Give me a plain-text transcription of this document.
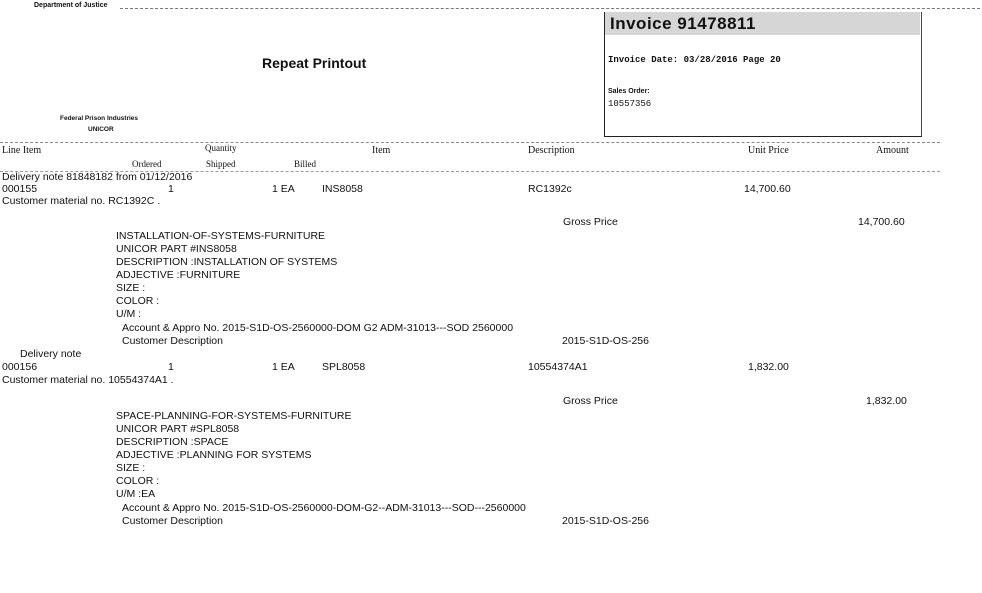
Department of Justice
Repeat Printout
Federal Prison Industries
UNICOR
Invoice 91478811
Invoice Date: 03/28/2016 Page 20
Sales Order:
10557356
Line Item	Quantity
Ordered	Shipped	Billed
Item	Description	Unit Price	Amount
Delivery note 81848182 from 01/12/2016
000155	1	1 EA	INS8058	RC1392c	14,700.60
Customer material no. RC1392C .
Gross Price	14,700.60
INSTALLATION-OF-SYSTEMS-FURNITURE
UNICOR PART #INS8058
DESCRIPTION :INSTALLATION OF SYSTEMS
ADJECTIVE :FURNITURE
SIZE :
COLOR :
U/M :
Account & Appro No. 2015-S1D-OS-2560000-DOM G2 ADM-31013---SOD 2560000
Customer Description	2015-S1D-OS-256
Delivery note
000156	1	1 EA	SPL8058	10554374A1	1,832.00
Customer material no. 10554374A1 .
Gross Price	1,832.00
SPACE-PLANNING-FOR-SYSTEMS-FURNITURE
UNICOR PART #SPL8058
DESCRIPTION :SPACE
ADJECTIVE :PLANNING FOR SYSTEMS
SIZE :
COLOR :
U/M :EA
Account & Appro No. 2015-S1D-OS-2560000-DOM-G2--ADM-31013---SOD---2560000
Customer Description	2015-S1D-OS-256
